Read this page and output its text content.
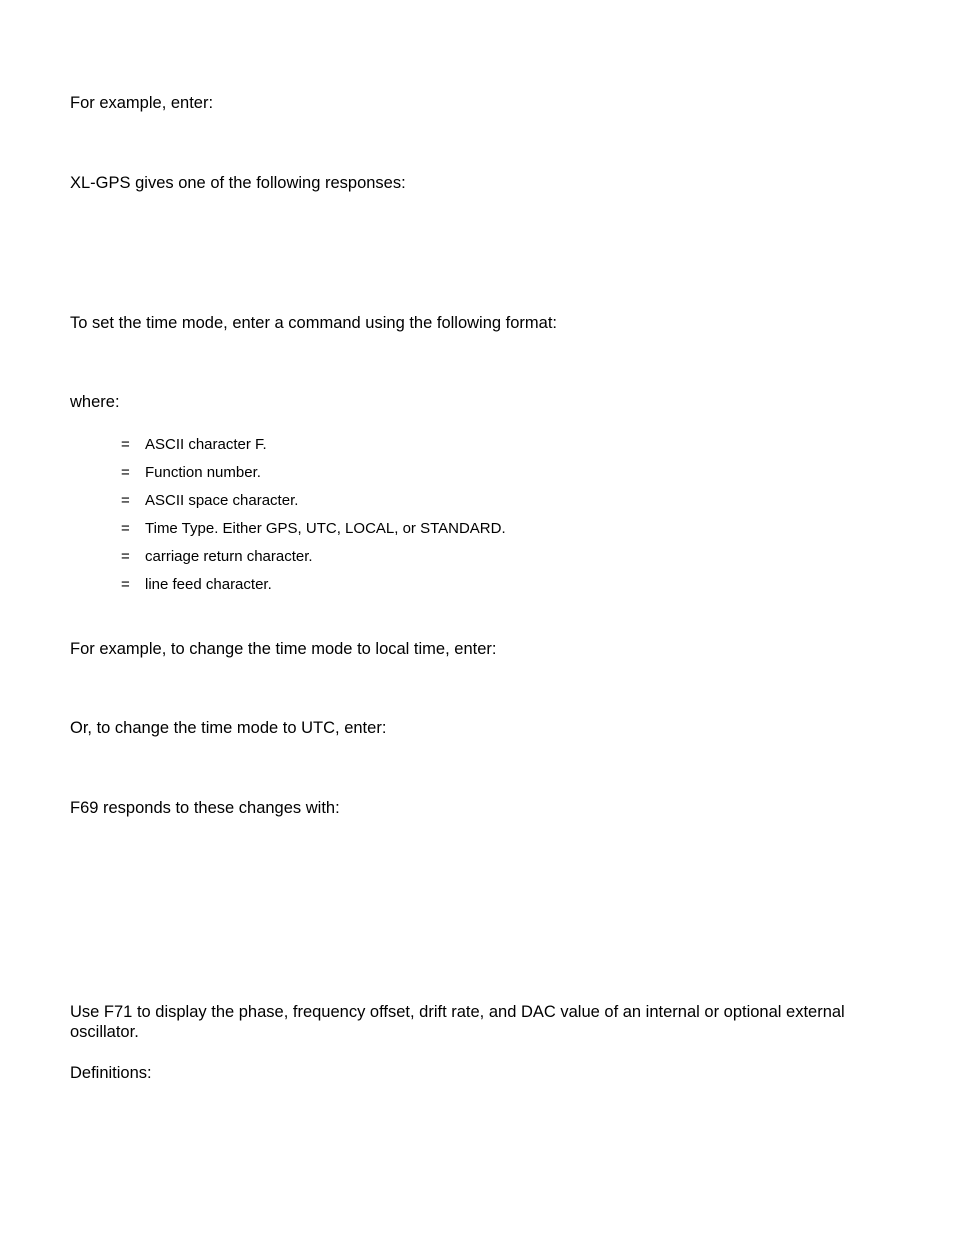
For example, enter:

XL-GPS gives one of the following responses:

To set the time mode, enter a command using the following format:

where:

=	ASCII character F.
=	Function number.
=	ASCII space character.
=	Time Type. Either GPS, UTC, LOCAL, or STANDARD.
=	carriage return character.
=	line feed character.

For example, to change the time mode to local time, enter:

Or, to change the time mode to UTC, enter:

F69 responds to these changes with:

Use F71 to display the phase, frequency offset, drift rate, and DAC value of an internal or optional external oscillator.

Definitions:
